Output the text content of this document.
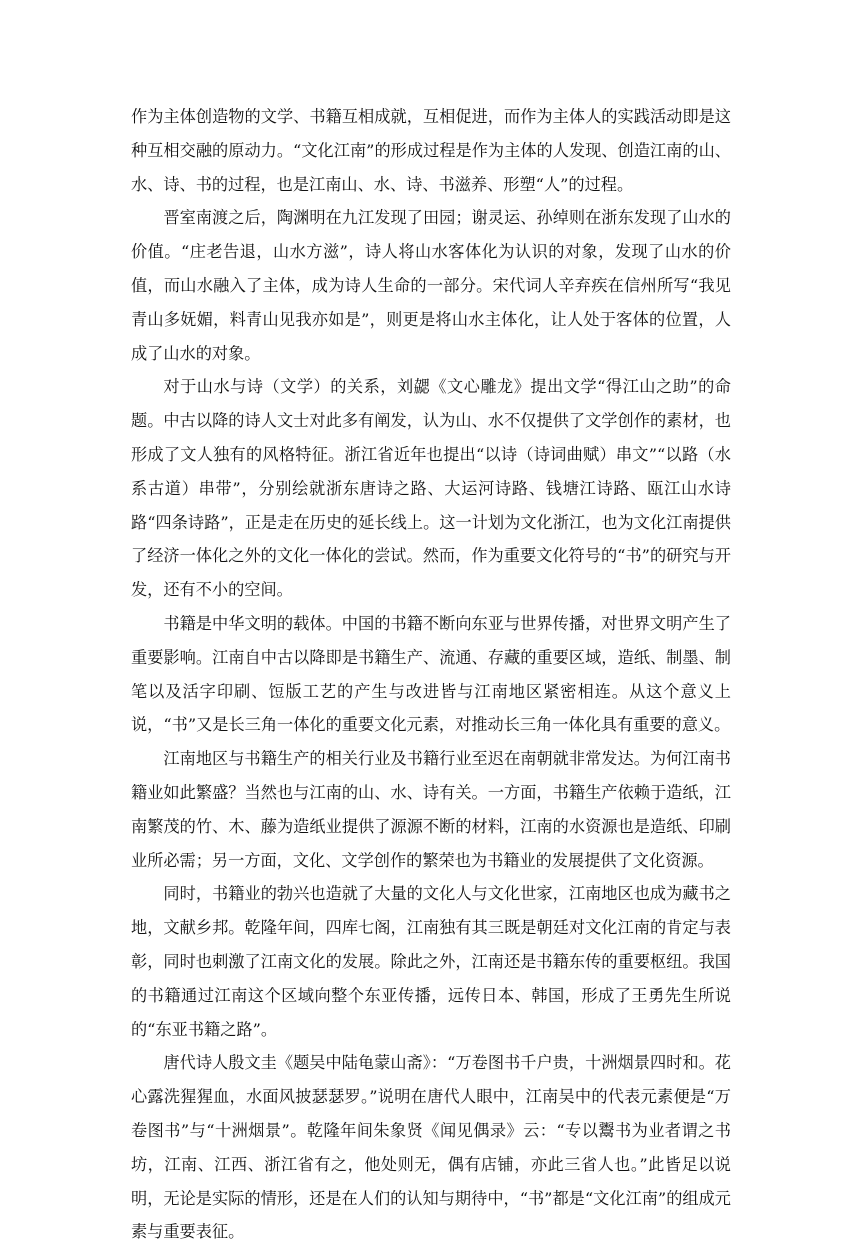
作为主体创造物的文学、书籍互相成就，互相促进，而作为主体人的实践活动即是这种互相交融的原动力。“文化江南”的形成过程是作为主体的人发现、创造江南的山、水、诗、书的过程，也是江南山、水、诗、书滋养、形塑“人”的过程。

晋室南渡之后，陶渊明在九江发现了田园；谢灵运、孙绰则在浙东发现了山水的价值。“庄老告退，山水方滋”，诗人将山水客体化为认识的对象，发现了山水的价值，而山水融入了主体，成为诗人生命的一部分。宋代词人辛弃疾在信州所写“我见青山多妩媚，料青山见我亦如是”，则更是将山水主体化，让人处于客体的位置，人成了山水的对象。

对于山水与诗（文学）的关系，刘勰《文心雕龙》提出文学“得江山之助”的命题。中古以降的诗人文士对此多有阐发，认为山、水不仅提供了文学创作的素材，也形成了文人独有的风格特征。浙江省近年也提出“以诗（诗词曲赋）串文”“以路（水系古道）串带”，分别绘就浙东唐诗之路、大运河诗路、钱塘江诗路、瓯江山水诗路“四条诗路”，正是走在历史的延长线上。这一计划为文化浙江，也为文化江南提供了经济一体化之外的文化一体化的尝试。然而，作为重要文化符号的“书”的研究与开发，还有不小的空间。

书籍是中华文明的载体。中国的书籍不断向东亚与世界传播，对世界文明产生了重要影响。江南自中古以降即是书籍生产、流通、存藏的重要区域，造纸、制墨、制笔以及活字印刷、饾版工艺的产生与改进皆与江南地区紧密相连。从这个意义上说，“书”又是长三角一体化的重要文化元素，对推动长三角一体化具有重要的意义。

江南地区与书籍生产的相关行业及书籍行业至迟在南朝就非常发达。为何江南书籍业如此繁盛？当然也与江南的山、水、诗有关。一方面，书籍生产依赖于造纸，江南繁茂的竹、木、藤为造纸业提供了源源不断的材料，江南的水资源也是造纸、印刷业所必需；另一方面，文化、文学创作的繁荣也为书籍业的发展提供了文化资源。

同时，书籍业的勃兴也造就了大量的文化人与文化世家，江南地区也成为藏书之地，文献乡邦。乾隆年间，四库七阁，江南独有其三既是朝廷对文化江南的肯定与表彰，同时也刺激了江南文化的发展。除此之外，江南还是书籍东传的重要枢纽。我国的书籍通过江南这个区域向整个东亚传播，远传日本、韩国，形成了王勇先生所说的“东亚书籍之路”。

唐代诗人殷文圭《题吴中陆龟蒙山斋》：“万卷图书千户贵，十洲烟景四时和。花心露洗猩猩血，水面风披瑟瑟罗。”说明在唐代人眼中，江南吴中的代表元素便是“万卷图书”与“十洲烟景”。乾隆年间朱象贤《闻见偶录》云：“专以鬻书为业者谓之书坊，江南、江西、浙江省有之，他处则无，偶有店铺，亦此三省人也。”此皆足以说明，无论是实际的情形，还是在人们的认知与期待中，“书”都是“文化江南”的组成元素与重要表征。
